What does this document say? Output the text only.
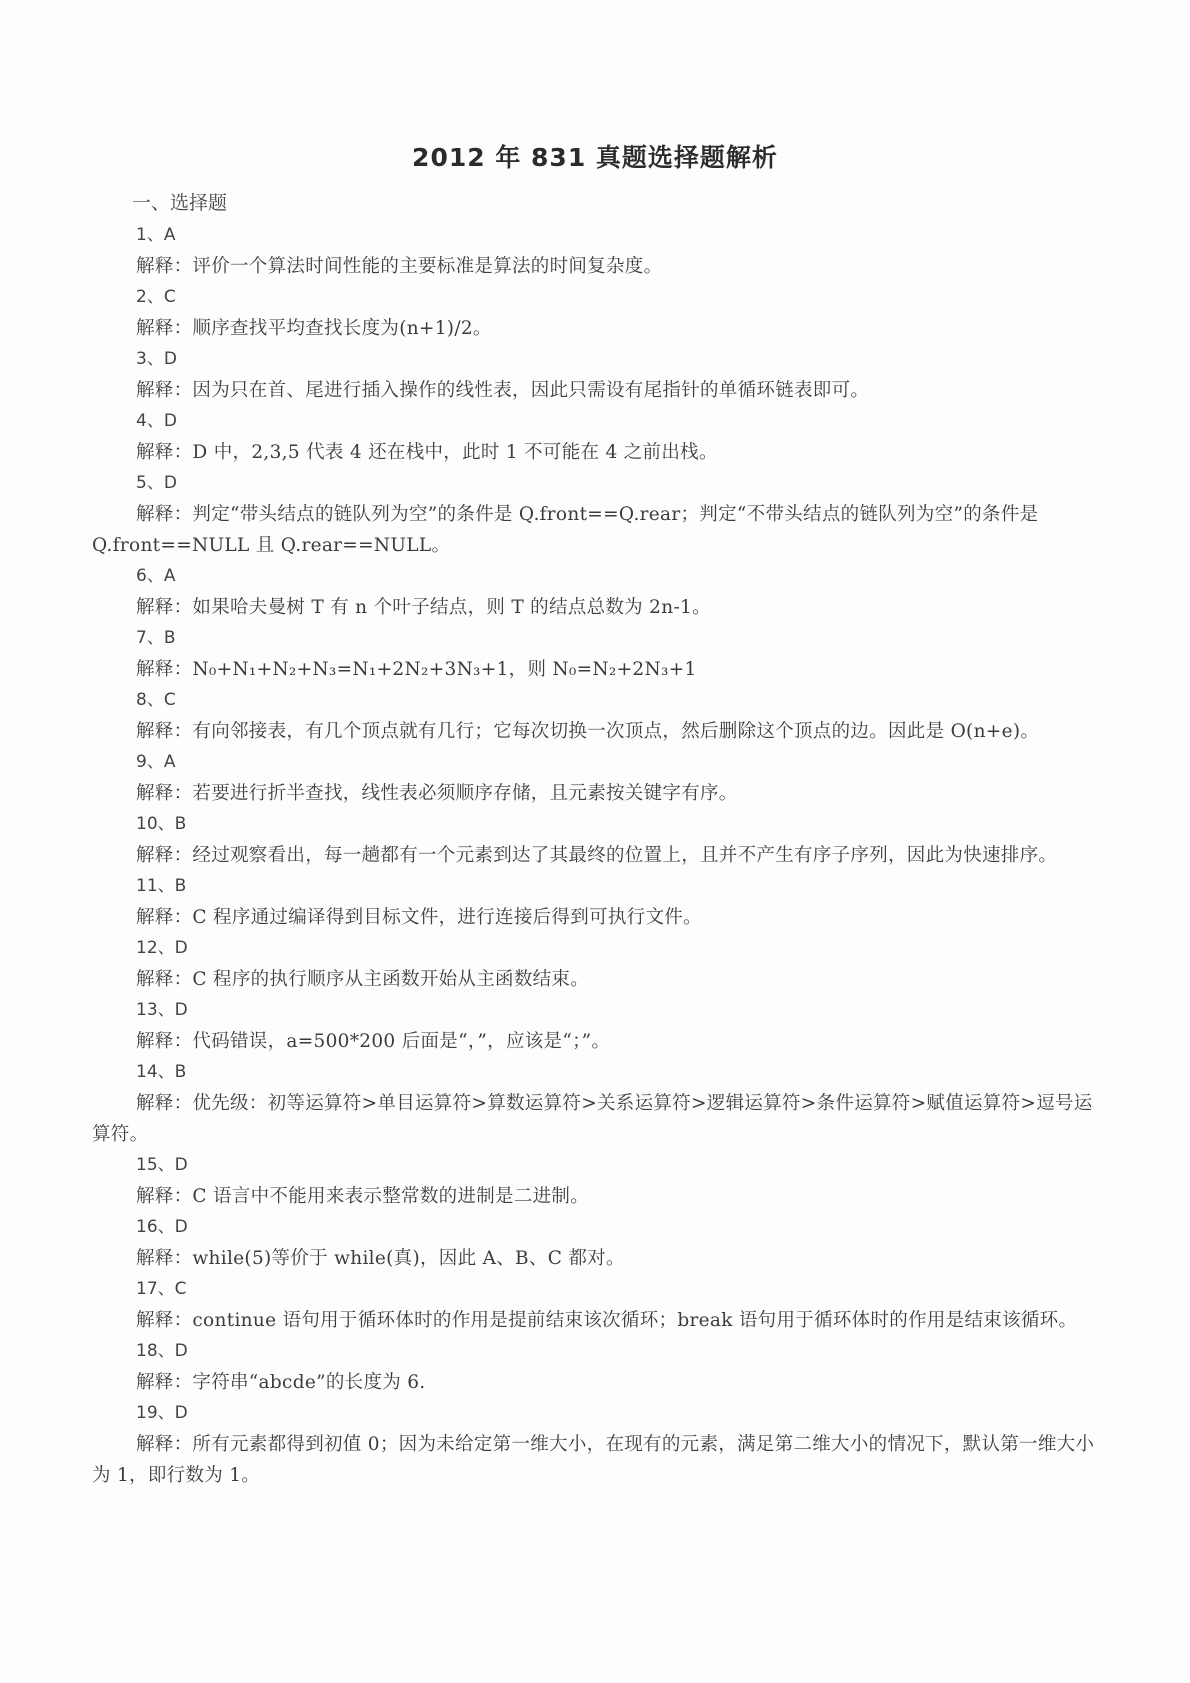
2012 年 831 真题选择题解析
一、选择题
1、A
解释：评价一个算法时间性能的主要标准是算法的时间复杂度。
2、C
解释：顺序查找平均查找长度为(n+1)/2。
3、D
解释：因为只在首、尾进行插入操作的线性表，因此只需设有尾指针的单循环链表即可。
4、D
解释：D 中，2,3,5 代表 4 还在栈中，此时 1 不可能在 4 之前出栈。
5、D
解释：判定“带头结点的链队列为空”的条件是 Q.front==Q.rear；判定“不带头结点的链队列为空”的条件是 Q.front==NULL 且 Q.rear==NULL。
6、A
解释：如果哈夫曼树 T 有 n 个叶子结点，则 T 的结点总数为 2n-1。
7、B
解释：N₀+N₁+N₂+N₃=N₁+2N₂+3N₃+1，则 N₀=N₂+2N₃+1
8、C
解释：有向邻接表，有几个顶点就有几行；它每次切换一次顶点，然后删除这个顶点的边。因此是 O(n+e)。
9、A
解释：若要进行折半查找，线性表必须顺序存储，且元素按关键字有序。
10、B
解释：经过观察看出，每一趟都有一个元素到达了其最终的位置上，且并不产生有序子序列，因此为快速排序。
11、B
解释：C 程序通过编译得到目标文件，进行连接后得到可执行文件。
12、D
解释：C 程序的执行顺序从主函数开始从主函数结束。
13、D
解释：代码错误，a=500*200 后面是“，”，应该是“；”。
14、B
解释：优先级：初等运算符>单目运算符>算数运算符>关系运算符>逻辑运算符>条件运算符>赋值运算符>逗号运算符。
15、D
解释：C 语言中不能用来表示整常数的进制是二进制。
16、D
解释：while(5)等价于 while(真)，因此 A、B、C 都对。
17、C
解释：continue 语句用于循环体时的作用是提前结束该次循环；break 语句用于循环体时的作用是结束该循环。
18、D
解释：字符串“abcde”的长度为 6.
19、D
解释：所有元素都得到初值 0；因为未给定第一维大小，在现有的元素，满足第二维大小的情况下，默认第一维大小为 1，即行数为 1。
